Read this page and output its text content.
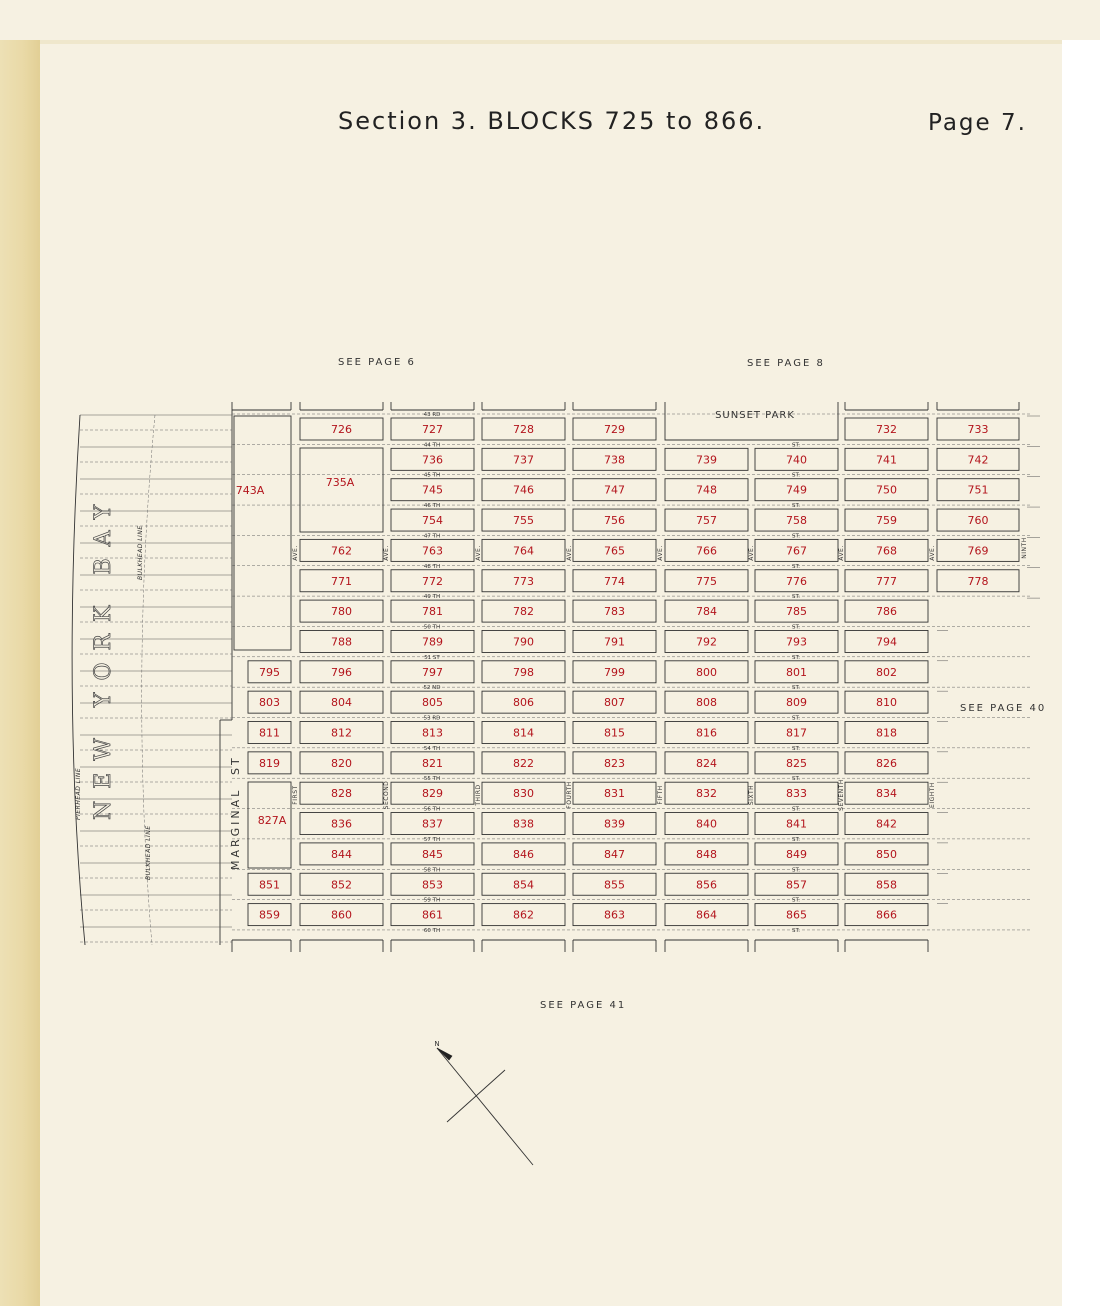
Section 3. BLOCKS 725 to 866.	Page 7.
SEE PAGE 6	SEE PAGE 8
SEE PAGE 40
SEE PAGE 41
NEW YORK BAY
PIERHEAD LINE
BULKHEAD LINE
BULKHEAD LINE
726	727	728	729	732	733
736	737	738	739	740	741	742
745	746	747	748	749	750	751
754	755	756	757	758	759	760
762	763	764	765	766	767	768	769
771	772	773	774	775	776	777	778
780	781	782	783	784	785	786
788	789	790	791	792	793	794
795	796	797	798	799	800	801	802
803	804	805	806	807	808	809	810
811	812	813	814	815	816	817	818
819	820	821	822	823	824	825	826
828	829	830	831	832	833	834
836	837	838	839	840	841	842
844	845	846	847	848	849	850
851	852	853	854	855	856	857	858
859	860	861	862	863	864	865	866
SUNSET PARK
743A
735A
827A
43 RD
44 TH
45 TH
46 TH
47 TH
48 TH
49 TH
50 TH
51 ST
52 ND
53 RD
54 TH
55 TH
56 TH
57 TH
58 TH
59 TH
60 TH
ST.
ST.
ST.
ST.
ST.
ST.
ST.
ST.
ST.
ST.
ST.
ST.
ST.
ST.
ST.
ST.
ST.
AVE.
FIRST
AVE.
SECOND
AVE.
THIRD
AVE.
FOURTH
AVE.
FIFTH
AVE.
SIXTH
AVE.
SEVENTH
AVE.
EIGHTH
NINTH
MARGINAL
ST
N
